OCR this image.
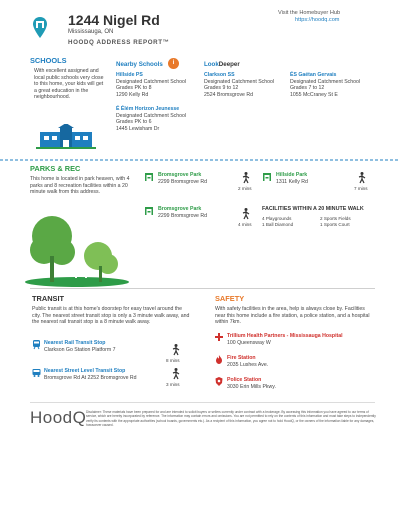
1244 Nigel Rd
Mississauga, ON
HOODQ ADDRESS REPORT™
Visit the Homebuyer Hub
https://hoodq.com
SCHOOLS
With excellent assigned and local public schools very close to this home, your kids will get a great education in the neighbourhood.
Nearby Schools	i	LookDeeper
Hillside PS
Designated Catchment School
Grades PK to 8
1290 Kelly Rd
Clarkson SS
Designated Catchment School
Grades 9 to 12
2524 Bromsgrove Rd
ÉS Gaétan Gervais
Designated Catchment School
Grades 7 to 12
1055 McCraney St E
É Élém Horizon Jeunesse
Designated Catchment School
Grades PK to 6
1445 Lewisham Dr
PARKS & REC
This home is located in park heaven, with 4 parks and 8 recreation facilities within a 20 minute walk from this address.
Bromsgrove Park
2299 Bromsgrove Rd
2 mins
Hillside Park
1311 Kelly Rd
7 mins
Bromsgrove Park
2299 Bromsgrove Rd
4 mins
FACILITIES WITHIN A 20 MINUTE WALK
4 Playgrounds	2 Sports Fields
1 Ball Diamond	1 Sports Court
TRANSIT
Public transit is at this home's doorstep for easy travel around the city. The nearest street transit stop is only a 3 minute walk away, and the nearest rail transit stop is a 8 minute walk away.
Nearest Rail Transit Stop
Clarkson Go Station Platform 7
8 mins
Nearest Street Level Transit Stop
Bromsgrove Rd At 2252 Bromsgrove Rd
3 mins
SAFETY
With safety facilities in the area, help is always close by. Facilities near this home include a fire station, a police station, and a hospital within 7km.
Trillium Health Partners - Mississauga Hospital
100 Queensway W
Fire Station
2035 Lushes Ave.
Police Station
3030 Erin Mills Pkwy.
HoodQ Disclaimer: These materials have been prepared for and are intended to solicit buyers or sellers currently under contract with a brokerage. By accessing this information you have agreed to our terms of service, which are hereby incorporated by reference. The information may contain errors and omissions. You are not permitted to rely on the contents of this information and must take steps to independently verify its contents with the appropriate authorities (school boards, governments etc.). As a recipient of this information, you agree not to hold HoodQ, or the owners of the information liable for any damages, howsoever caused.
